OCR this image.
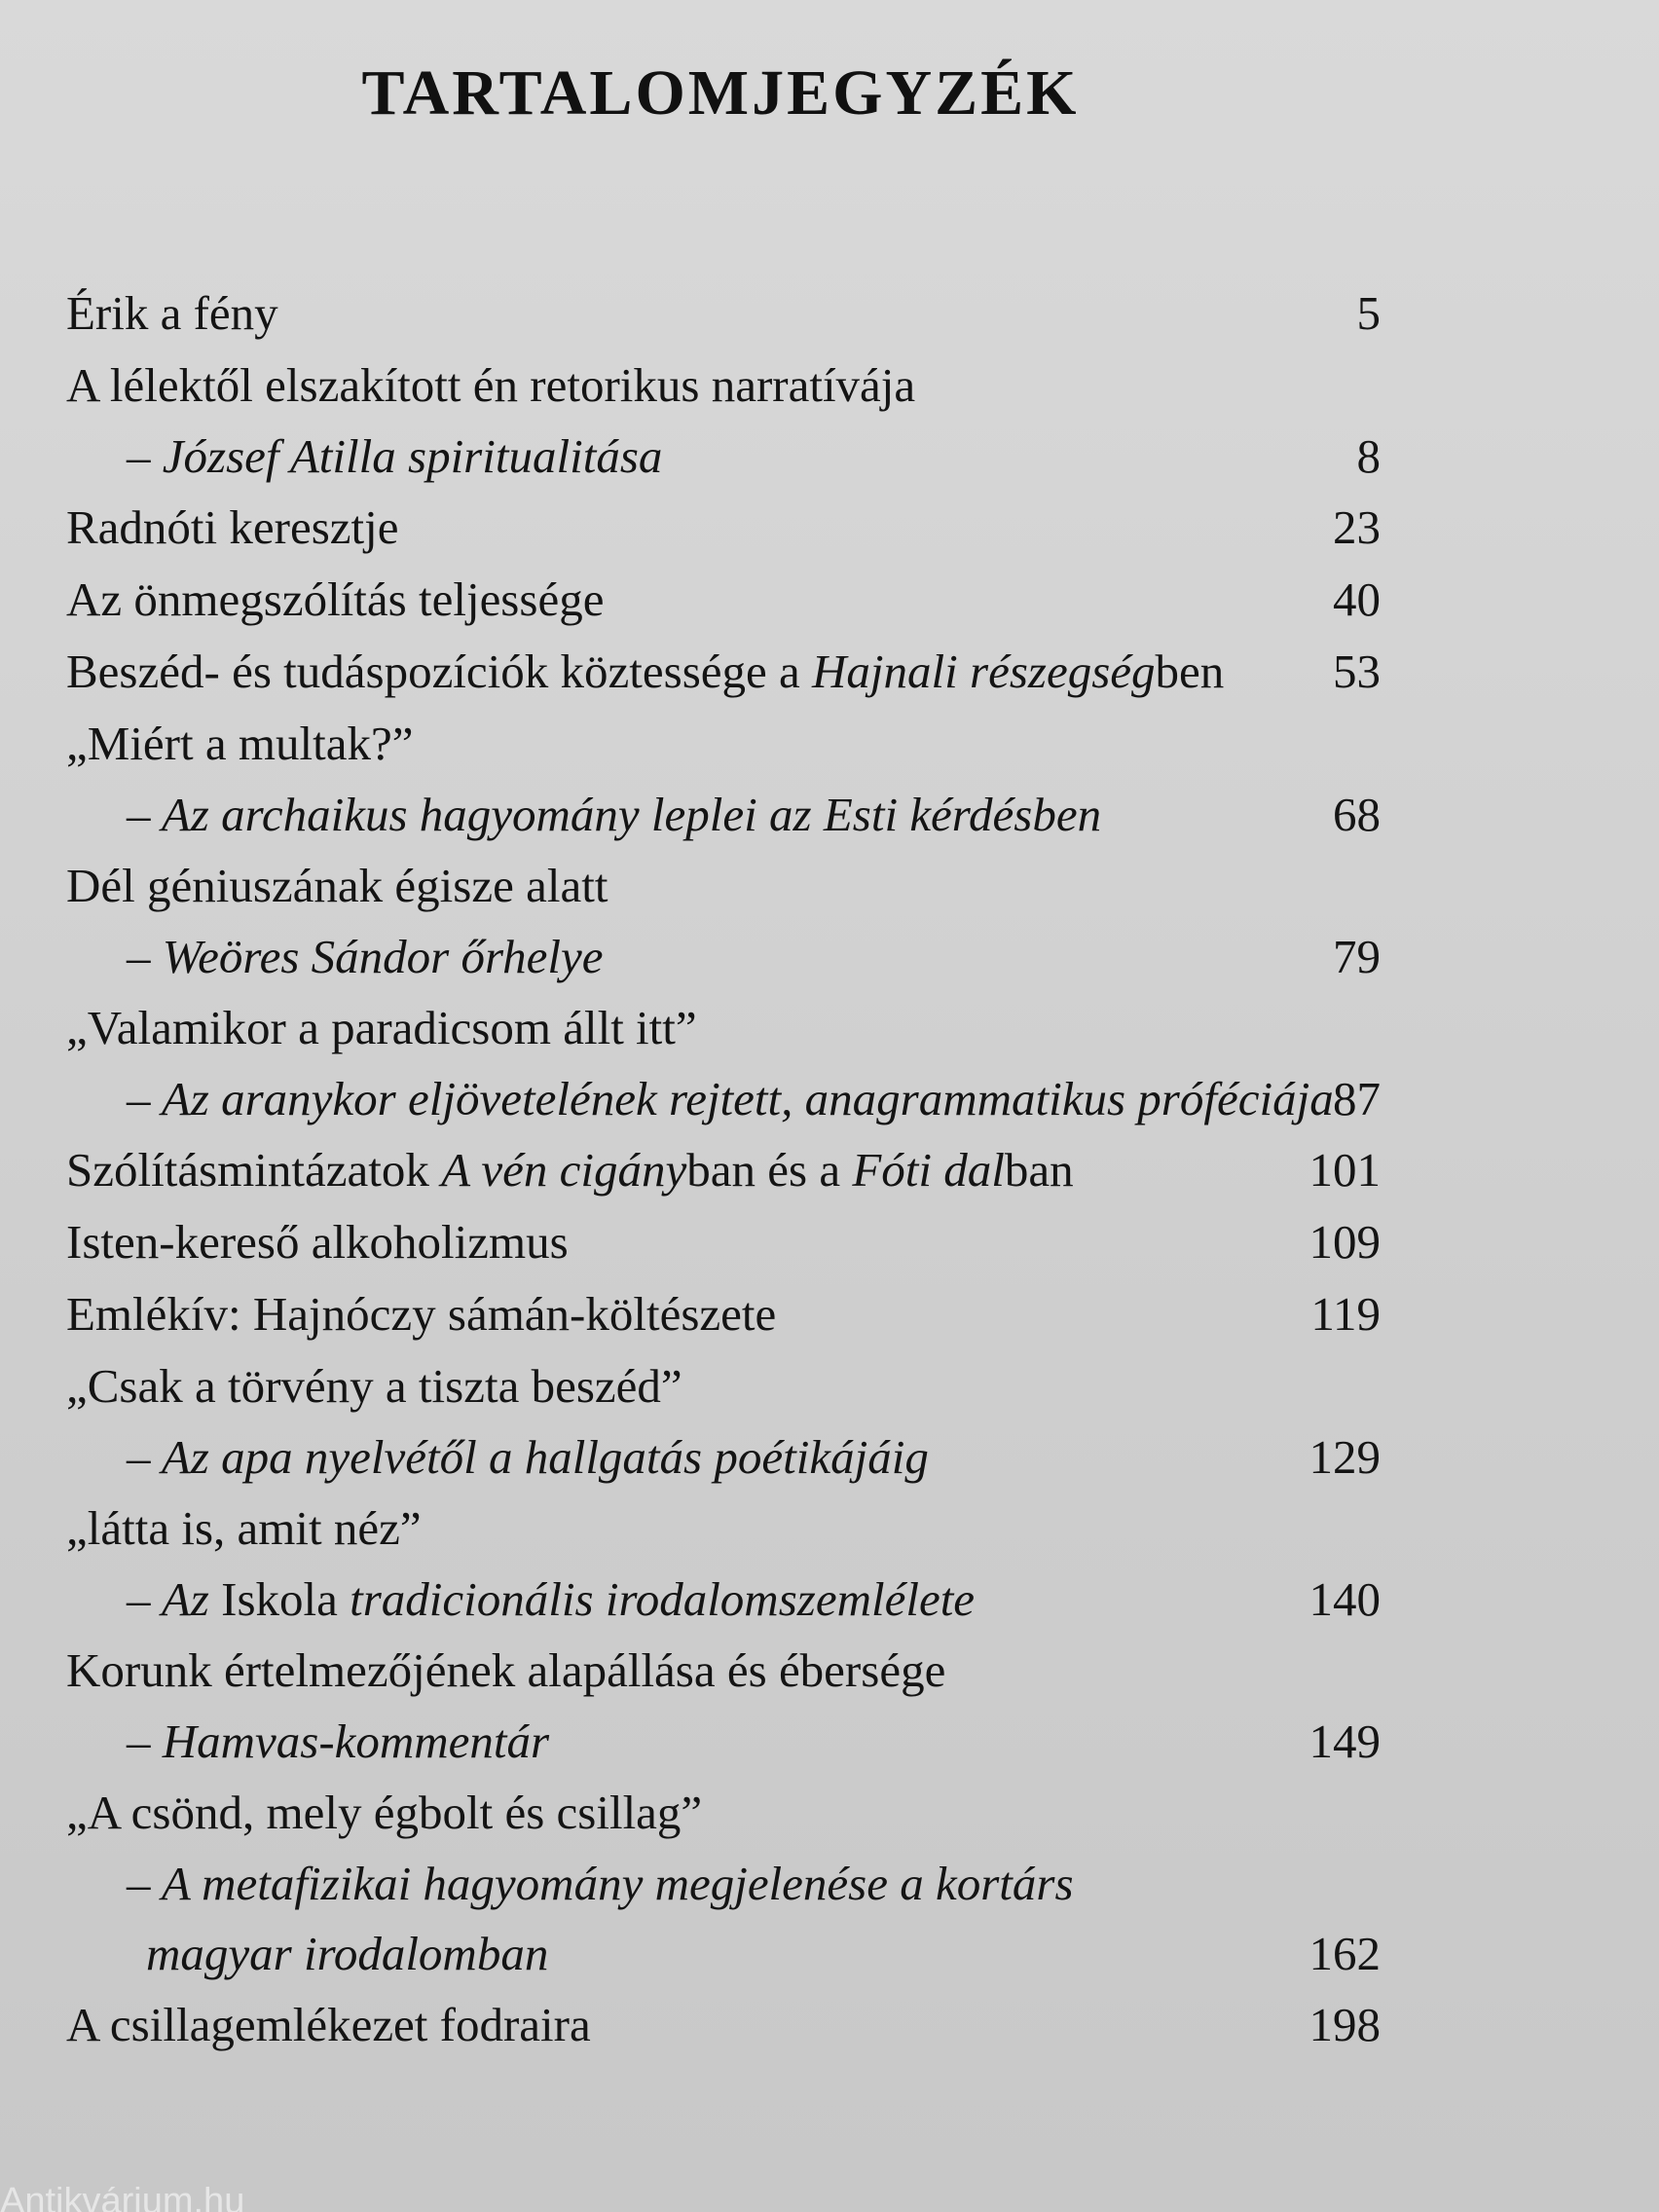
TARTALOMJEGYZÉK
Érik a fény	5
A lélektől elszakított én retorikus narratívája
– József Atilla spiritualitása	8
Radnóti keresztje	23
Az önmegszólítás teljessége	40
Beszéd- és tudáspozíciók köztessége a Hajnali részegségben 53
„Miért a multak?”
– Az archaikus hagyomány leplei az Esti kérdésben	68
Dél géniuszának égisze alatt
– Weöres Sándor őrhelye	79
„Valamikor a paradicsom állt itt”
– Az aranykor eljövetelének rejtett, anagrammatikus próféciája 87
Szólításmintázatok A vén cigányban és a Fóti dalban	101
Isten-kereső alkoholizmus	109
Emlékív: Hajnóczy sámán-költészete	119
„Csak a törvény a tiszta beszéd”
– Az apa nyelvétől a hallgatás poétikájáig	129
„látta is, amit néz”
– Az Iskola tradicionális irodalomszemlélete	140
Korunk értelmezőjének alapállása és ébersége
– Hamvas-kommentár	149
„A csönd, mely égbolt és csillag”
– A metafizikai hagyomány megjelenése a kortárs
magyar irodalomban	162
A csillagemlékezet fodraira	198
Antikvárium.hu
